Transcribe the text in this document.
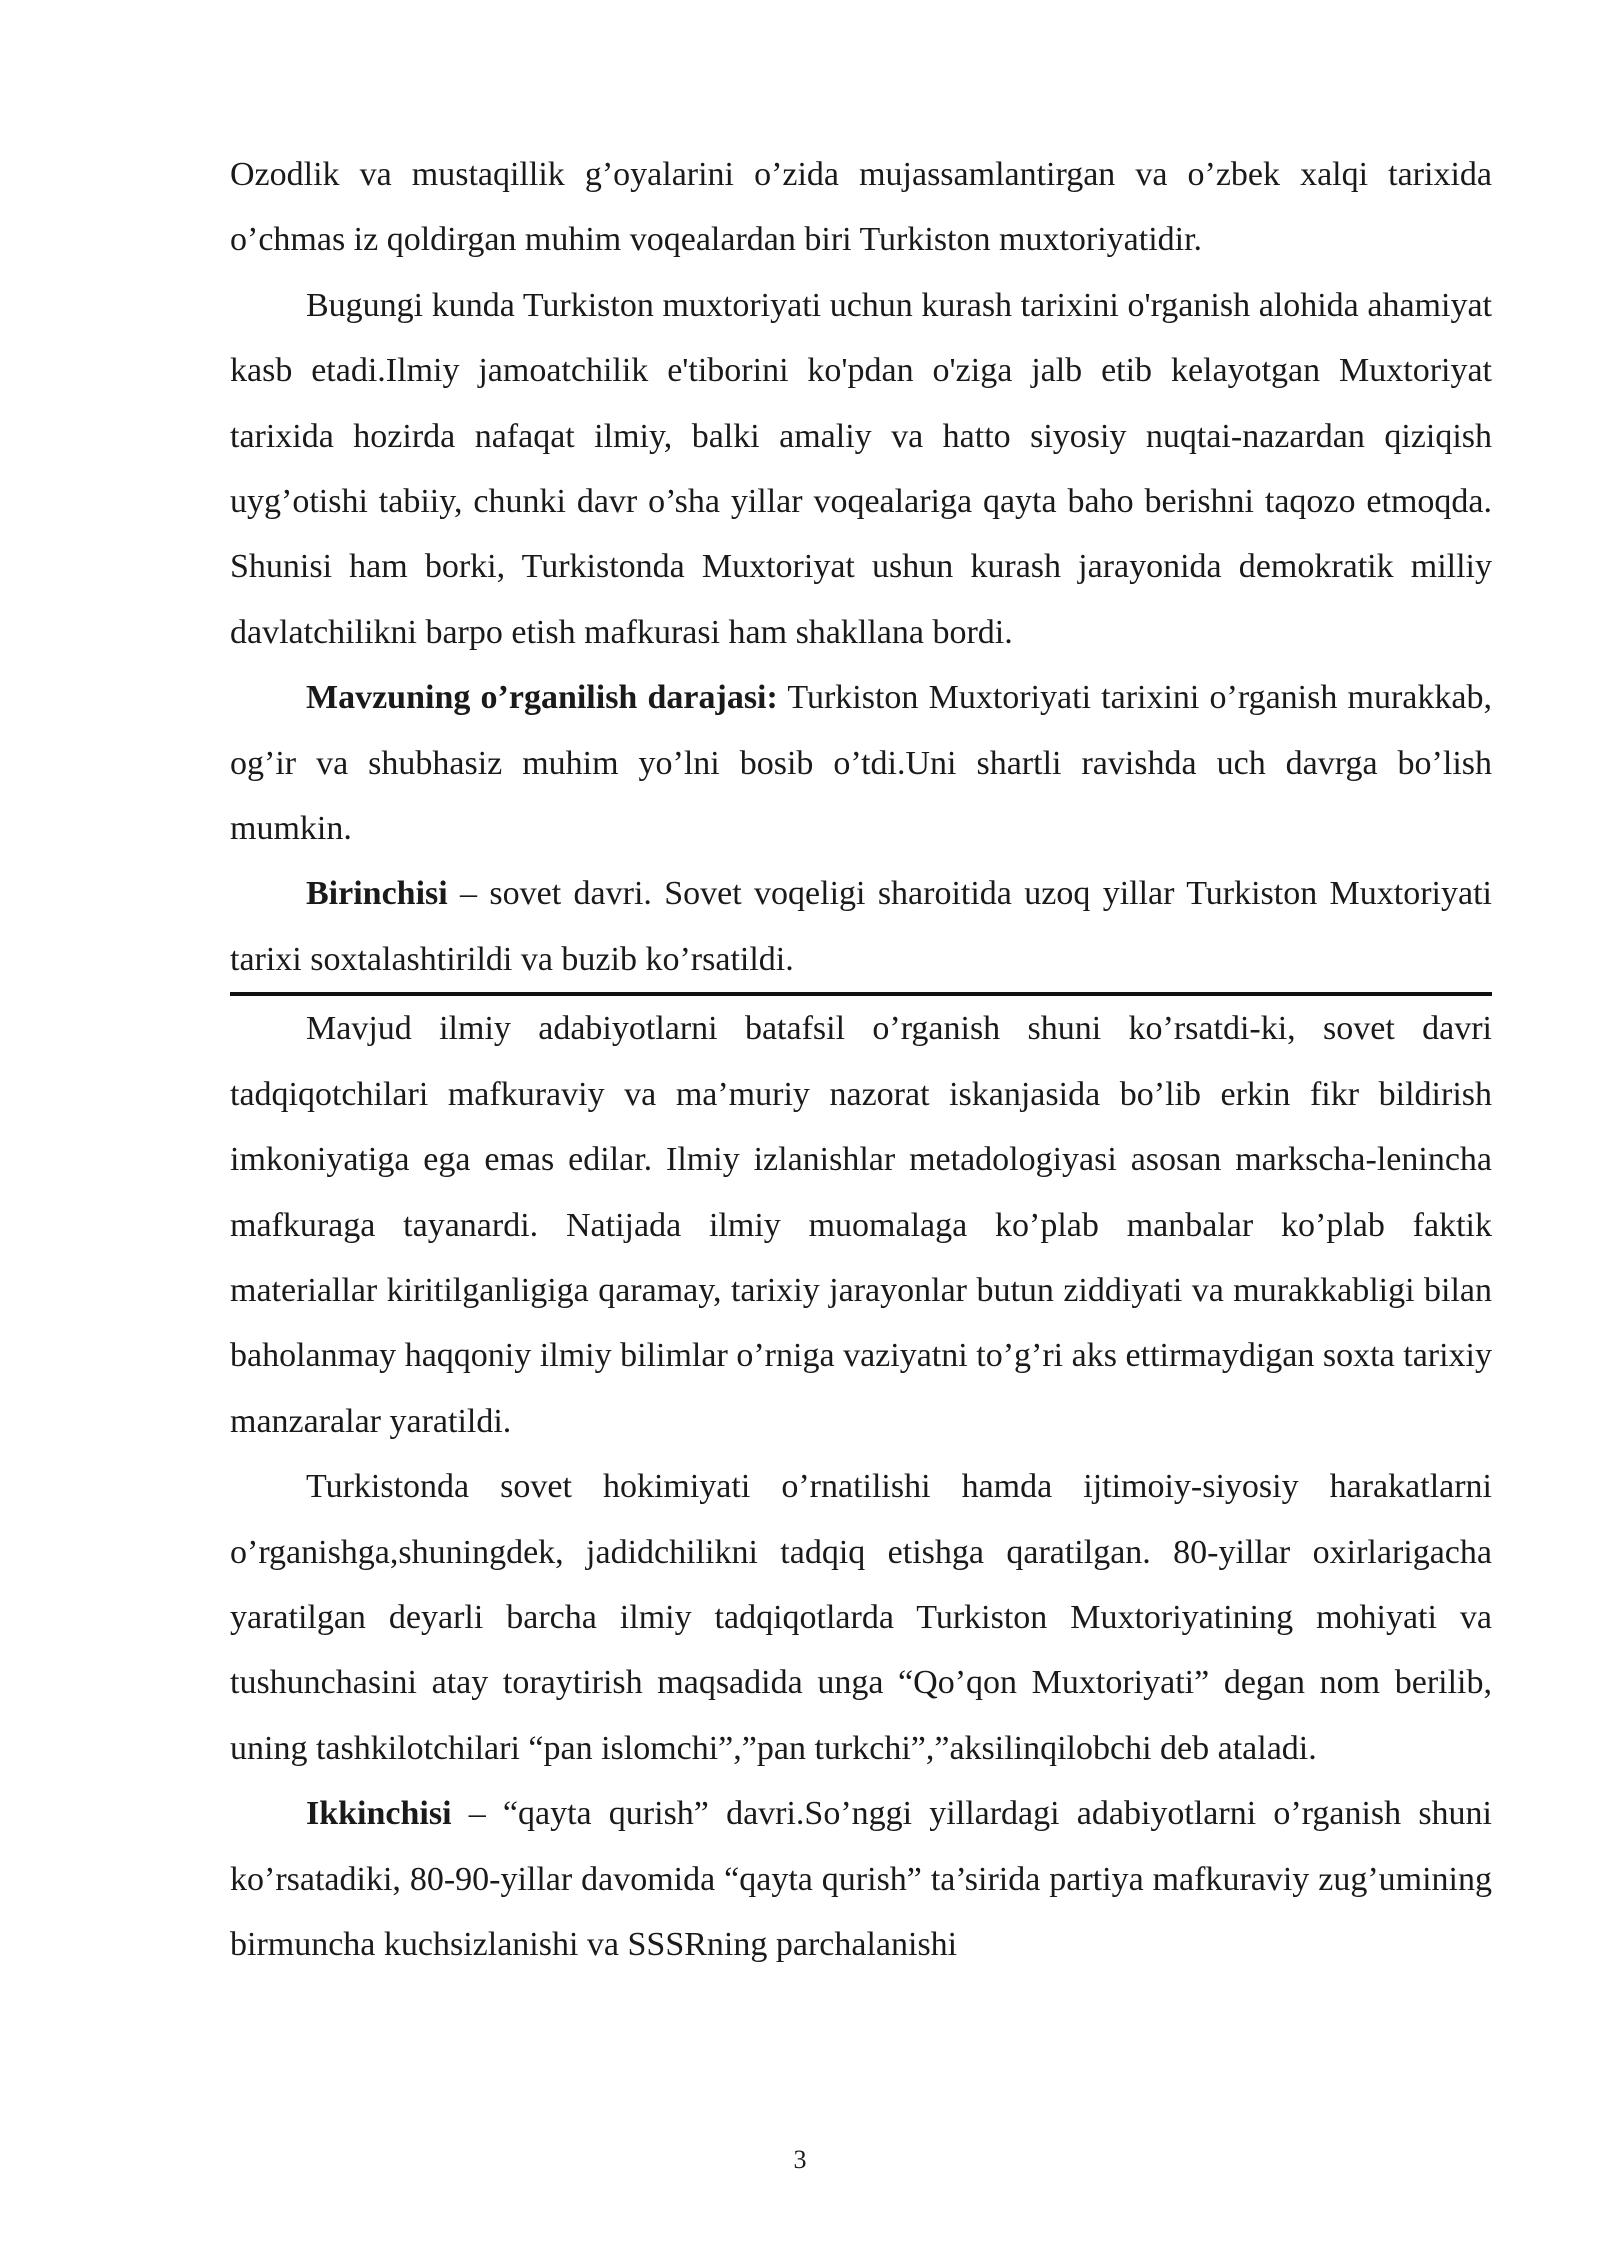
Ozodlik va mustaqillik g’oyalarini o’zida mujassamlantirgan va o’zbek xalqi tarixida o’chmas iz qoldirgan muhim voqealardan biri Turkiston muxtoriyatidir.

Bugungi kunda Turkiston muxtoriyati uchun kurash tarixini o'rganish alohida ahamiyat kasb etadi.Ilmiy jamoatchilik e'tiborini ko'pdan o'ziga jalb etib kelayotgan Muxtoriyat tarixida hozirda nafaqat ilmiy, balki amaliy va hatto siyosiy nuqtai-nazardan qiziqish uyg’otishi tabiiy, chunki davr o’sha yillar voqealariga qayta baho berishni taqozo etmoqda. Shunisi ham borki, Turkistonda Muxtoriyat ushun kurash jarayonida demokratik milliy davlatchilikni barpo etish mafkurasi ham shakllana bordi.

Mavzuning o’rganilish darajasi: Turkiston Muxtoriyati tarixini o’rganish murakkab, og’ir va shubhasiz muhim yo’lni bosib o’tdi.Uni shartli ravishda uch davrga bo’lish mumkin.

Birinchisi – sovet davri. Sovet voqeligi sharoitida uzoq yillar Turkiston Muxtoriyati tarixi soxtalashtirildi va buzib ko’rsatildi.

Mavjud ilmiy adabiyotlarni batafsil o’rganish shuni ko’rsatdi-ki, sovet davri tadqiqotchilari mafkuraviy va ma’muriy nazorat iskanjasida bo’lib erkin fikr bildirish imkoniyatiga ega emas edilar. Ilmiy izlanishlar metadologiyasi asosan markscha-lenincha mafkuraga tayanardi. Natijada ilmiy muomalaga ko’plab manbalar ko’plab faktik materiallar kiritilganligiga qaramay, tarixiy jarayonlar butun ziddiyati va murakkabligi bilan baholanmay haqqoniy ilmiy bilimlar o’rniga vaziyatni to’g’ri aks ettirmaydigan soxta tarixiy manzaralar yaratildi.

Turkistonda sovet hokimiyati o’rnatilishi hamda ijtimoiy-siyosiy harakatlarni o’rganishga,shuningdek, jadidchilikni tadqiq etishga qaratilgan. 80-yillar oxirlarigacha yaratilgan deyarli barcha ilmiy tadqiqotlarda Turkiston Muxtoriyatining mohiyati va tushunchasini atay toraytirish maqsadida unga “Qo’qon Muxtoriyati” degan nom berilib, uning tashkilotchilari “pan islomchi”,”pan turkchi”,”aksilinqilobchi deb ataladi.

Ikkinchisi – “qayta qurish” davri.So’nggi yillardagi adabiyotlarni o’rganish shuni ko’rsatadiki, 80-90-yillar davomida “qayta qurish” ta’sirida partiya mafkuraviy zug’umining birmuncha kuchsizlanishi va SSSRning parchalanishi

3
